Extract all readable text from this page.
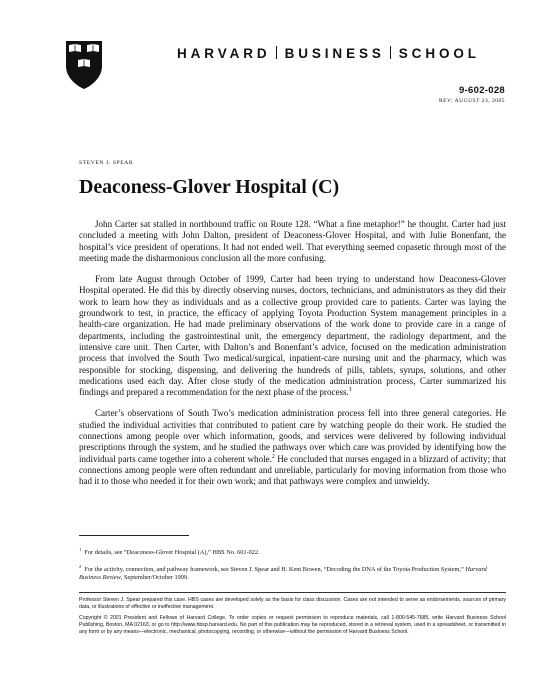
HARVARD BUSINESS SCHOOL
9-602-028
REV: AUGUST 23, 2005
STEVEN J. SPEAR
Deaconess-Glover Hospital (C)

John Carter sat stalled in northbound traffic on Route 128. “What a fine metaphor!” he thought. Carter had just concluded a meeting with John Dalton, president of Deaconess-Glover Hospital, and with Julie Bonenfant, the hospital’s vice president of operations. It had not ended well. That everything seemed copasetic through most of the meeting made the disharmonious conclusion all the more confusing.

From late August through October of 1999, Carter had been trying to understand how Deaconess-Glover Hospital operated. He did this by directly observing nurses, doctors, technicians, and administrators as they did their work to learn how they as individuals and as a collective group provided care to patients. Carter was laying the groundwork to test, in practice, the efficacy of applying Toyota Production System management principles in a health-care organization. He had made preliminary observations of the work done to provide care in a range of departments, including the gastrointestinal unit, the emergency department, the radiology department, and the intensive care unit. Then Carter, with Dalton’s and Bonenfant’s advice, focused on the medication administration process that involved the South Two medical/surgical, inpatient-care nursing unit and the pharmacy, which was responsible for stocking, dispensing, and delivering the hundreds of pills, tablets, syrups, solutions, and other medications used each day. After close study of the medication administration process, Carter summarized his findings and prepared a recommendation for the next phase of the process.$^1$

Carter’s observations of South Two’s medication administration process fell into three general categories. He studied the individual activities that contributed to patient care by watching people do their work. He studied the connections among people over which information, goods, and services were delivered by following individual prescriptions through the system, and he studied the pathways over which care was provided by identifying how the individual parts came together into a coherent whole.$^2$ He concluded that nurses engaged in a blizzard of activity; that connections among people were often redundant and unreliable, particularly for moving information from those who had it to those who needed it for their own work; and that pathways were complex and unwieldy.

$^1$ For details, see “Deaconess-Glover Hospital (A),” HBS No. 601-022.
$^2$ For the activity, connection, and pathway framework, see Steven J. Spear and H. Kent Bowen, “Decoding the DNA of the Toyota Production System,” Harvard Business Review, September/October 1999.

Professor Steven J. Spear prepared this case. HBS cases are developed solely as the basis for class discussion. Cases are not intended to serve as endorsements, sources of primary data, or illustrations of effective or ineffective management.

Copyright © 2001 President and Fellows of Harvard College. To order copies or request permission to reproduce materials, call 1-800-545-7685, write Harvard Business School Publishing, Boston, MA 02163, or go to http://www.hbsp.harvard.edu. No part of this publication may be reproduced, stored in a retrieval system, used in a spreadsheet, or transmitted in any form or by any means—electronic, mechanical, photocopying, recording, or otherwise—without the permission of Harvard Business School.
